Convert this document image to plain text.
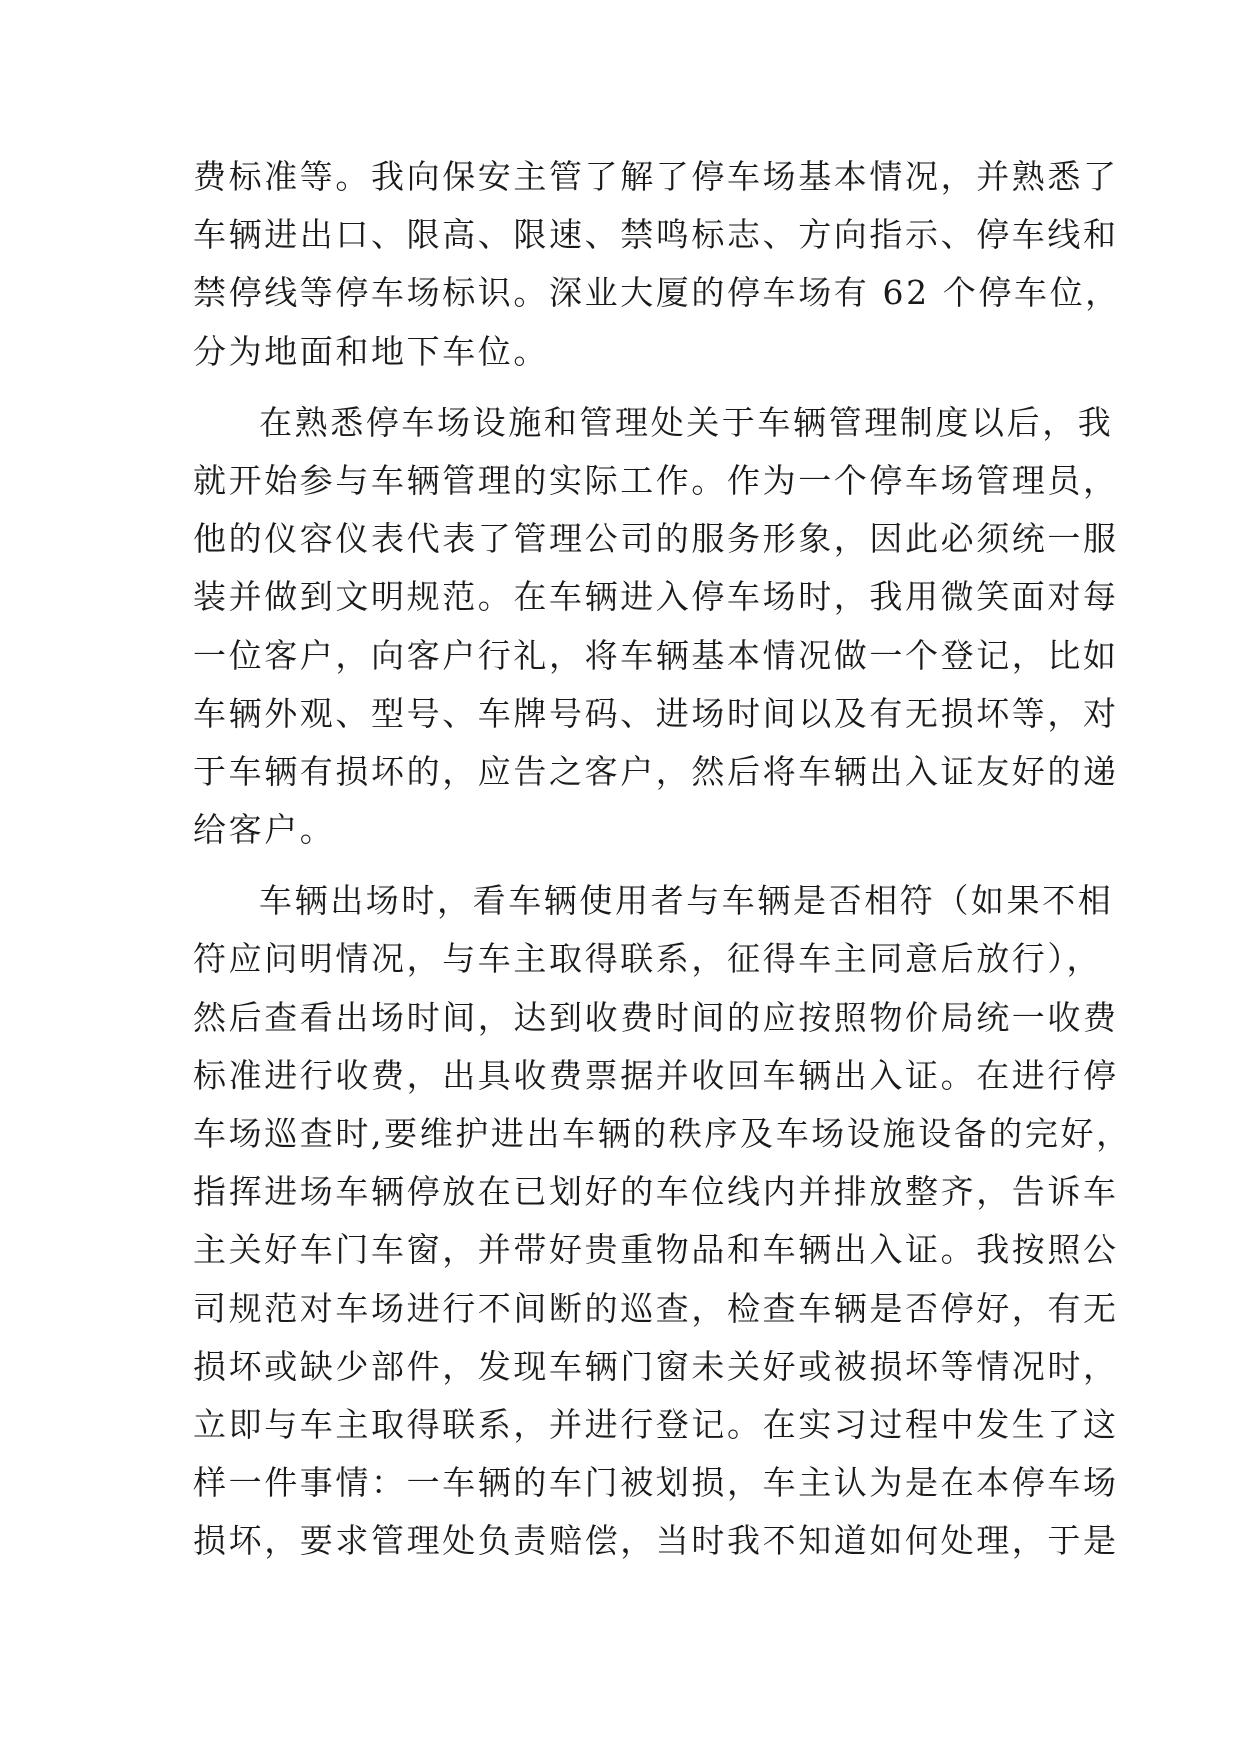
费标准等。我向保安主管了解了停车场基本情况，并熟悉了
车辆进出口、限高、限速、禁鸣标志、方向指示、停车线和
禁停线等停车场标识。深业大厦的停车场有 62 个停车位，
分为地面和地下车位。
在熟悉停车场设施和管理处关于车辆管理制度以后，我
就开始参与车辆管理的实际工作。作为一个停车场管理员，
他的仪容仪表代表了管理公司的服务形象，因此必须统一服
装并做到文明规范。在车辆进入停车场时，我用微笑面对每
一位客户，向客户行礼，将车辆基本情况做一个登记，比如
车辆外观、型号、车牌号码、进场时间以及有无损坏等，对
于车辆有损坏的，应告之客户，然后将车辆出入证友好的递
给客户。
车辆出场时，看车辆使用者与车辆是否相符（如果不相
符应问明情况，与车主取得联系，征得车主同意后放行），
然后查看出场时间，达到收费时间的应按照物价局统一收费
标准进行收费，出具收费票据并收回车辆出入证。在进行停
车场巡查时,要维护进出车辆的秩序及车场设施设备的完好，
指挥进场车辆停放在已划好的车位线内并排放整齐，告诉车
主关好车门车窗，并带好贵重物品和车辆出入证。我按照公
司规范对车场进行不间断的巡查，检查车辆是否停好，有无
损坏或缺少部件，发现车辆门窗未关好或被损坏等情况时，
立即与车主取得联系，并进行登记。在实习过程中发生了这
样一件事情：一车辆的车门被划损，车主认为是在本停车场
损坏，要求管理处负责赔偿，当时我不知道如何处理，于是
